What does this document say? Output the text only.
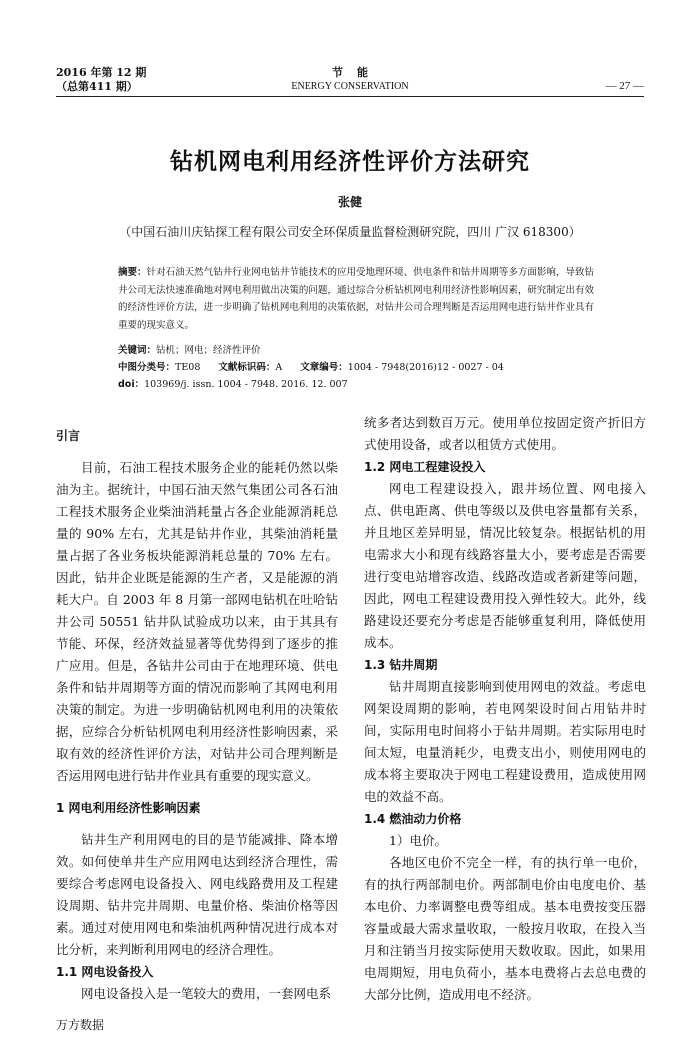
2016 年第 12 期
（总第411 期）
节能
ENERGY CONSERVATION	— 27 —
钻机网电利用经济性评价方法研究
张健
（中国石油川庆钻探工程有限公司安全环保质量监督检测研究院，四川 广汉 618300）
摘要：针对石油天然气钻井行业网电钻井节能技术的应用受地理环境、供电条件和钻井周期等多方面影响，导致钻井公司无法快速准确地对网电利用做出决策的问题，通过综合分析钻机网电利用经济性影响因素，研究制定出有效的经济性评价方法，进一步明确了钻机网电利用的决策依据，对钻井公司合理判断是否运用网电进行钻井作业具有重要的现实意义。
关键词：钻机；网电；经济性评价
中图分类号：TE08 文献标识码：A 文章编号：1004 - 7948(2016)12 - 0027 - 04
doi：103969/j. issn. 1004 - 7948. 2016. 12. 007
引言

目前，石油工程技术服务企业的能耗仍然以柴油为主。据统计，中国石油天然气集团公司各石油工程技术服务企业柴油消耗量占各企业能源消耗总量的 90% 左右，尤其是钻井作业，其柴油消耗量量占据了各业务板块能源消耗总量的 70% 左右。因此，钻井企业既是能源的生产者，又是能源的消耗大户。自 2003 年 8 月第一部网电钻机在吐哈钻井公司 50551 钻井队试验成功以来，由于其具有节能、环保，经济效益显著等优势得到了逐步的推广应用。但是，各钻井公司由于在地理环境、供电条件和钻井周期等方面的情况而影响了其网电利用决策的制定。为进一步明确钻机网电利用的决策依据，应综合分析钻机网电利用经济性影响因素，采取有效的经济性评价方法，对钻井公司合理判断是否运用网电进行钻井作业具有重要的现实意义。

1 网电利用经济性影响因素

钻井生产利用网电的目的是节能减排、降本增效。如何使单井生产应用网电达到经济合理性，需要综合考虑网电设备投入、网电线路费用及工程建设周期、钻井完井周期、电量价格、柴油价格等因素。通过对使用网电和柴油机两种情况进行成本对比分析，来判断利用网电的经济合理性。

1.1 网电设备投入

网电设备投入是一笔较大的费用，一套网电系

统多者达到数百万元。使用单位按固定资产折旧方式使用设备，或者以租赁方式使用。

1.2 网电工程建设投入

网电工程建设投入，跟井场位置、网电接入点、供电距离、供电等级以及供电容量都有关系，并且地区差异明显，情况比较复杂。根据钻机的用电需求大小和现有线路容量大小，要考虑是否需要进行变电站增容改造、线路改造或者新建等问题，因此，网电工程建设费用投入弹性较大。此外，线路建设还要充分考虑是否能够重复利用，降低使用成本。

1.3 钻井周期

钻井周期直接影响到使用网电的效益。考虑电网架设周期的影响，若电网架设时间占用钻井时间，实际用电时间将小于钻井周期。若实际用电时间太短，电量消耗少，电费支出小，则使用网电的成本将主要取决于网电工程建设费用，造成使用网电的效益不高。

1.4 燃油动力价格

1）电价。

各地区电价不完全一样，有的执行单一电价，有的执行两部制电价。两部制电价由电度电价、基本电价、力率调整电费等组成。基本电费按变压器容量或最大需求量收取，一般按月收取，在投入当月和注销当月按实际使用天数收取。因此，如果用电周期短，用电负荷小，基本电费将占去总电费的大部分比例，造成用电不经济。

万方数据
